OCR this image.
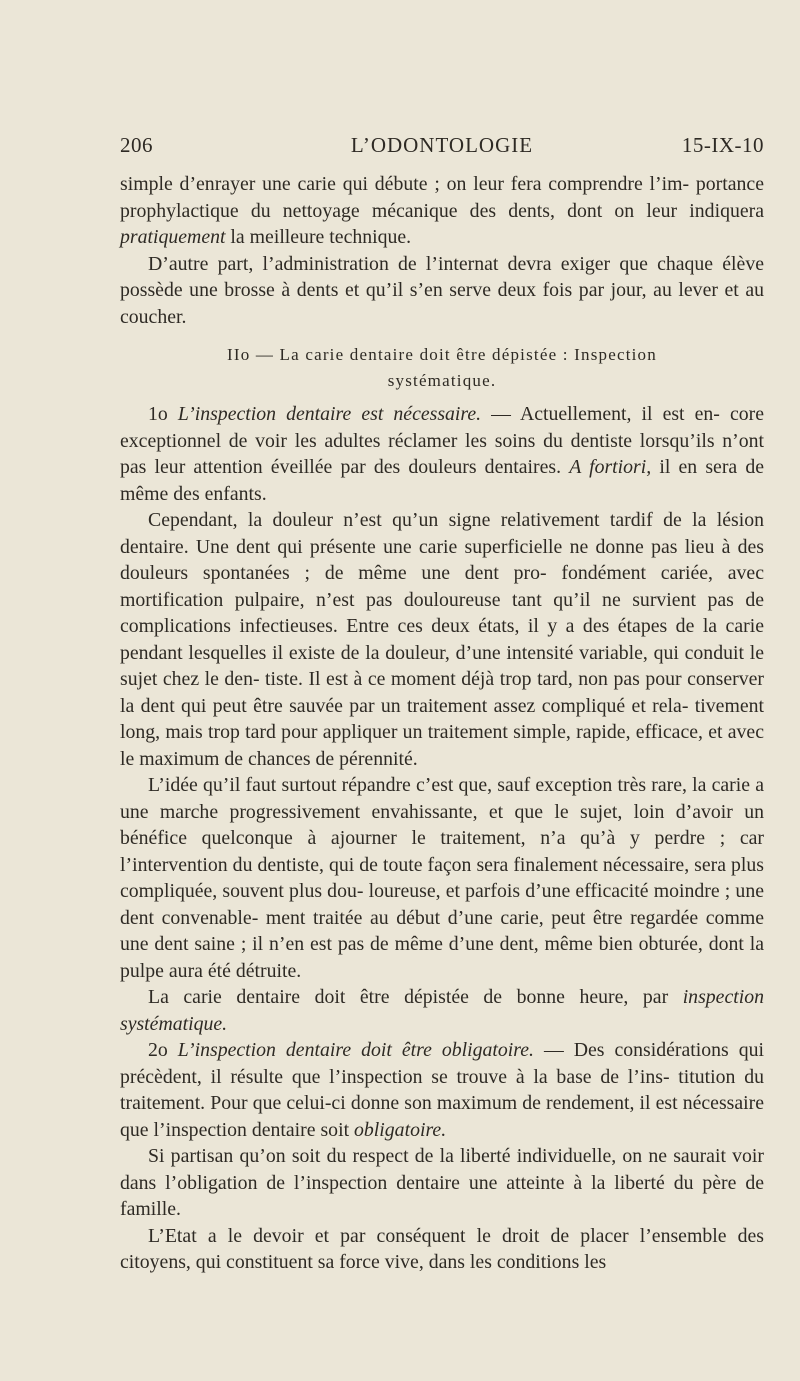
206	L’ODONTOLOGIE	15-IX-10

simple d’enrayer une carie qui débute ; on leur fera comprendre l’im- portance prophylactique du nettoyage mécanique des dents, dont on leur indiquera pratiquement la meilleure technique.

D’autre part, l’administration de l’internat devra exiger que chaque élève possède une brosse à dents et qu’il s’en serve deux fois par jour, au lever et au coucher.

IIo — La carie dentaire doit être dépistée : Inspection
systématique.

1o L’inspection dentaire est nécessaire. — Actuellement, il est en- core exceptionnel de voir les adultes réclamer les soins du dentiste lorsqu’ils n’ont pas leur attention éveillée par des douleurs dentaires. A fortiori, il en sera de même des enfants.

Cependant, la douleur n’est qu’un signe relativement tardif de la lésion dentaire. Une dent qui présente une carie superficielle ne donne pas lieu à des douleurs spontanées ; de même une dent pro- fondément cariée, avec mortification pulpaire, n’est pas douloureuse tant qu’il ne survient pas de complications infectieuses. Entre ces deux états, il y a des étapes de la carie pendant lesquelles il existe de la douleur, d’une intensité variable, qui conduit le sujet chez le den- tiste. Il est à ce moment déjà trop tard, non pas pour conserver la dent qui peut être sauvée par un traitement assez compliqué et rela- tivement long, mais trop tard pour appliquer un traitement simple, rapide, efficace, et avec le maximum de chances de pérennité.

L’idée qu’il faut surtout répandre c’est que, sauf exception très rare, la carie a une marche progressivement envahissante, et que le sujet, loin d’avoir un bénéfice quelconque à ajourner le traitement, n’a qu’à y perdre ; car l’intervention du dentiste, qui de toute façon sera finalement nécessaire, sera plus compliquée, souvent plus dou- loureuse, et parfois d’une efficacité moindre ; une dent convenable- ment traitée au début d’une carie, peut être regardée comme une dent saine ; il n’en est pas de même d’une dent, même bien obturée, dont la pulpe aura été détruite.

La carie dentaire doit être dépistée de bonne heure, par inspection systématique.

2o L’inspection dentaire doit être obligatoire. — Des considérations qui précèdent, il résulte que l’inspection se trouve à la base de l’ins- titution du traitement. Pour que celui-ci donne son maximum de rendement, il est nécessaire que l’inspection dentaire soit obligatoire.

Si partisan qu’on soit du respect de la liberté individuelle, on ne saurait voir dans l’obligation de l’inspection dentaire une atteinte à la liberté du père de famille.

L’Etat a le devoir et par conséquent le droit de placer l’ensemble des citoyens, qui constituent sa force vive, dans les conditions les
